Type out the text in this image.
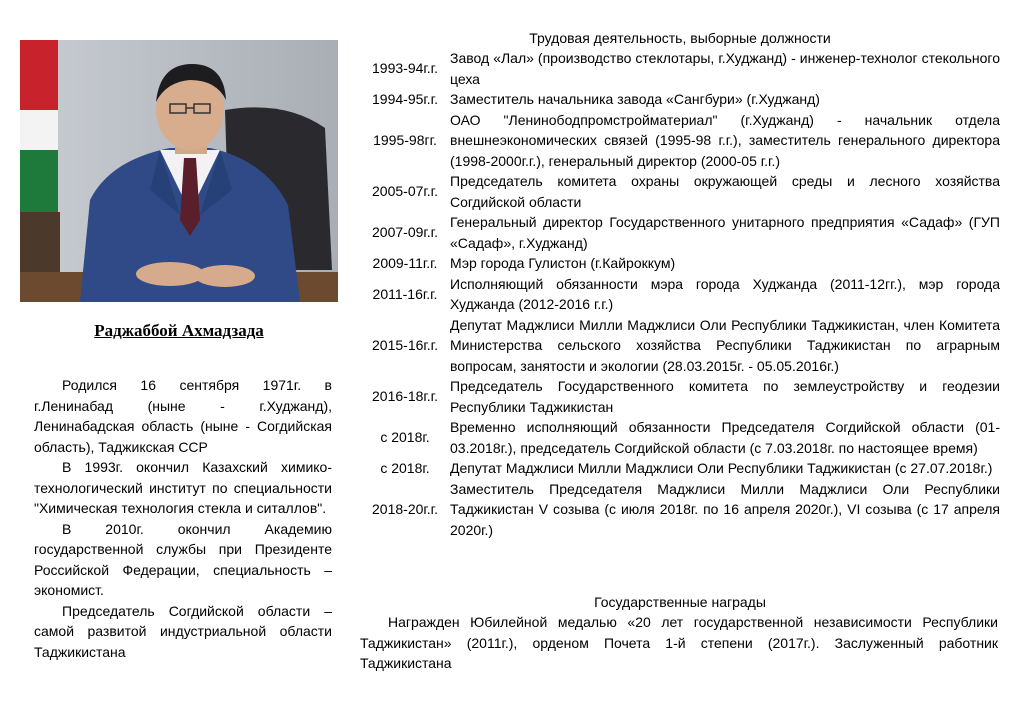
Раджаббой Ахмадзада

Родился 16 сентября 1971г. в г.Ленинабад (ныне - г.Худжанд), Ленинабадская область (ныне - Согдийская область), Таджикская ССР

В 1993г. окончил Казахский химико-технологический институт по специальности "Химическая технология стекла и ситаллов".

В 2010г. окончил Академию государственной службы при Президенте Российской Федерации, специальность – экономист.

Председатель Согдийской области – самой развитой индустриальной области Таджикистана

Трудовая деятельность, выборные должности
1993-94г.г.	Завод «Лал» (производство стеклотары, г.Худжанд) - инженер-технолог стекольного цеха
1994-95г.г.	Заместитель начальника завода «Сангбури» (г.Худжанд)
1995-98гг.	ОАО "Ленинободпромстройматериал" (г.Худжанд) - начальник отдела внешнеэкономических связей (1995-98 г.г.), заместитель генерального директора (1998-2000г.г.), генеральный директор (2000-05 г.г.)
2005-07г.г.	Председатель комитета охраны окружающей среды и лесного хозяйства Согдийской области
2007-09г.г.	Генеральный директор Государственного унитарного предприятия «Садаф» (ГУП «Садаф», г.Худжанд)
2009-11г.г.	Мэр города Гулистон (г.Кайроккум)
2011-16г.г.	Исполняющий обязанности мэра города Худжанда (2011-12гг.), мэр города Худжанда (2012-2016 г.г.)
2015-16г.г.	Депутат Маджлиси Милли Маджлиси Оли Республики Таджикистан, член Комитета Министерства сельского хозяйства Республики Таджикистан по аграрным вопросам, занятости и экологии (28.03.2015г. - 05.05.2016г.)
2016-18г.г.	Председатель Государственного комитета по землеустройству и геодезии Республики Таджикистан
с 2018г.	Временно исполняющий обязанности Председателя Согдийской области (01-03.2018г.), председатель Согдийской области (с 7.03.2018г. по настоящее время)
с 2018г.	Депутат Маджлиси Милли Маджлиси Оли Республики Таджикистан (с 27.07.2018г.)
2018-20г.г.	Заместитель Председателя Маджлиси Милли Маджлиси Оли Республики Таджикистан V созыва (с июля 2018г. по 16 апреля 2020г.), VI созыва (с 17 апреля 2020г.)
Государственные награды

Награжден Юбилейной медалью «20 лет государственной независимости Республики Таджикистан» (2011г.), орденом Почета 1-й степени (2017г.). Заслуженный работник Таджикистана
